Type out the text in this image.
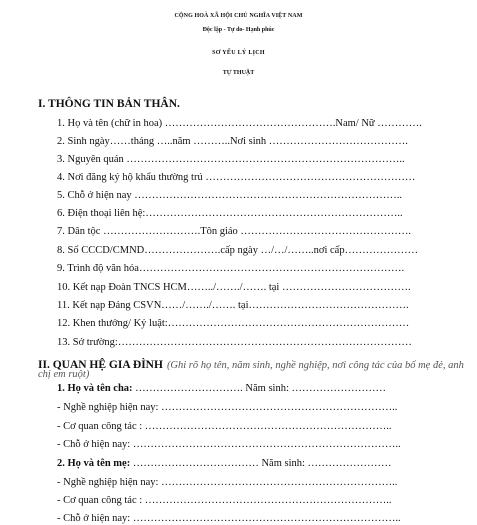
CỘNG HOÀ XÃ HỘI CHỦ NGHĨA VIỆT NAM
Độc lập - Tự do- Hạnh phúc
SƠ YẾU LÝ LỊCH
TỰ THUẬT
I. THÔNG TIN BẢN THÂN.
1. Họ và tên (chữ in hoa) ………………………………………….Nam/ Nữ ………….
2. Sinh ngày……tháng …..năm ………..Nơi sinh ………………………………….
3. Nguyên quán ……………………………………………………………………..
4. Nơi đăng ký hộ khẩu thường trú ……………………………………………………
5. Chỗ ở hiện nay …………………………………………………………………..
6. Điện thoại liên hệ:………………………………………………………………..
7. Dân tộc ……………………….Tôn giáo ………………………………………….
8. Số CCCD/CMND………………….cấp ngày …/…/……..nơi cấp…………………
9. Trình độ văn hóa………………………………………………………………….
10. Kết nạp Đoàn TNCS HCM……../……./……. tại ……………………………….
11. Kết nạp Đảng CSVN……/……./……. tại……………………………………….
12. Khen thưởng/ Kỷ luật:……………………………………………………………
13. Sở trường:…………………………………………………………………………
II. QUAN HỆ GIA ĐÌNH (Ghi rõ họ tên, năm sinh, nghề nghiệp, nơi công tác của bố mẹ đẻ, anh
chị em ruột)
1. Họ và tên cha: …………………………. Năm sinh: ………………………
- Nghề nghiệp hiện nay: …………………………………………………………..
- Cơ quan công tác : ……………………………………………………………..
- Chỗ ở hiện nay: …………………………………………………………………..
2. Họ và tên mẹ: ……………………………… Năm sinh: ……………………
- Nghề nghiệp hiện nay: …………………………………………………………..
- Cơ quan công tác : ……………………………………………………………..
- Chỗ ở hiện nay: …………………………………………………………………..
